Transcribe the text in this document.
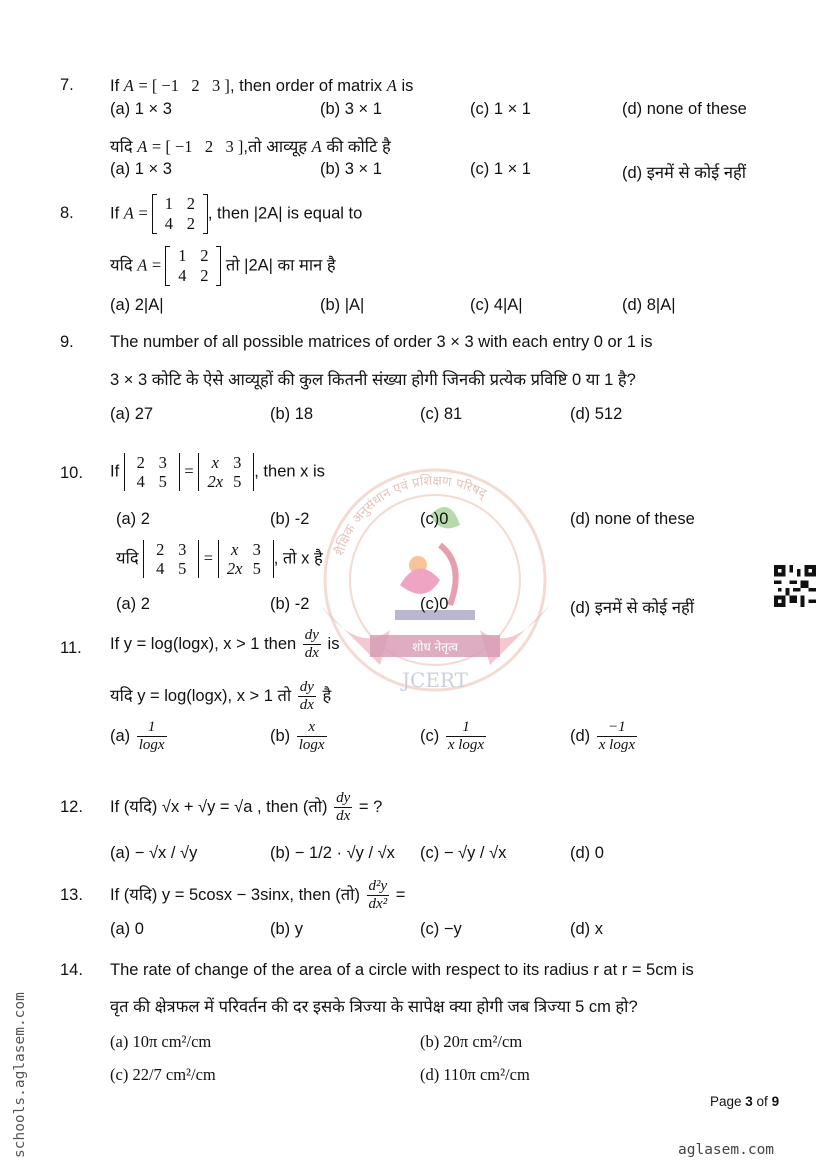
शैक्षिक अनुसंधान एवं प्रशिक्षण परिषद्
शोध नेतृत्व
JCERT
7.	If A = [ −1   2   3 ], then order of matrix A is
(a) 1 × 3	(b) 3 × 1	(c) 1 × 1	(d) none of these
यदि A = [ −1   2   3 ],तो आव्यूह A की कोटि है
(a) 1 × 3	(b) 3 × 1	(c) 1 × 1	(d) इनमें से कोई नहीं
8.	If A = 1 2
4 2
, then |2A| is equal to
यदि A = 1 2
4 2
तो |2A| का मान है
(a) 2|A|	(b) |A|	(c) 4|A|	(d) 8|A|
9.	The number of all possible matrices of order 3 × 3 with each entry 0 or 1 is
3 × 3 कोटि के ऐसे आव्यूहों की कुल कितनी संख्या होगी जिनकी प्रत्येक प्रविष्टि 0 या 1 है?
(a) 27	(b) 18	(c) 81	(d) 512
10.	If 2 3
4 5
=	x 3
2x 5
, then x is
(a) 2	(b) -2	(c)0	(d) none of these
यदि 2 3
4 5
=	x 3
2x 5
, तो x है
(a) 2	(b) -2	(c)0	(d) इनमें से कोई नहीं
11.	If y = log(logx), x > 1 then $\frac{dy}{dx}$ is
यदि y = log(logx), x > 1 तो $\frac{dy}{dx}$ है
$(a) \frac{1}{\log x}$	$(b) \frac{x}{\log x}$	$(c) \frac{1}{\text{x logx}}$	$(d) \frac{-1}{\text{x logx}}$
12.	If (यदि) √x + √y = √a , then (तो) $\frac{dy}{dx}$ = ?
(a) − √x / √y	(b) − 1/2 · √y / √x (c) − √y / √x	(d) 0
13.	If (यदि) y = 5cosx − 3sinx, then (तो) $\frac{\text{d²y}}{\text{dx²}}$ =
(a) 0	(b) y	(c) −y	(d) x
14.	The rate of change of the area of a circle with respect to its radius r at r = 5cm is
वृत की क्षेत्रफल में परिवर्तन की दर इसके त्रिज्या के सापेक्ष क्या होगी जब त्रिज्या 5 cm हो?
(a) 10π cm²/cm	(b) 20π cm²/cm
(c) 22/7 cm²/cm	(d) 110π cm²/cm
Page 3 of 9
schools.aglasem.com	aglasem.com
